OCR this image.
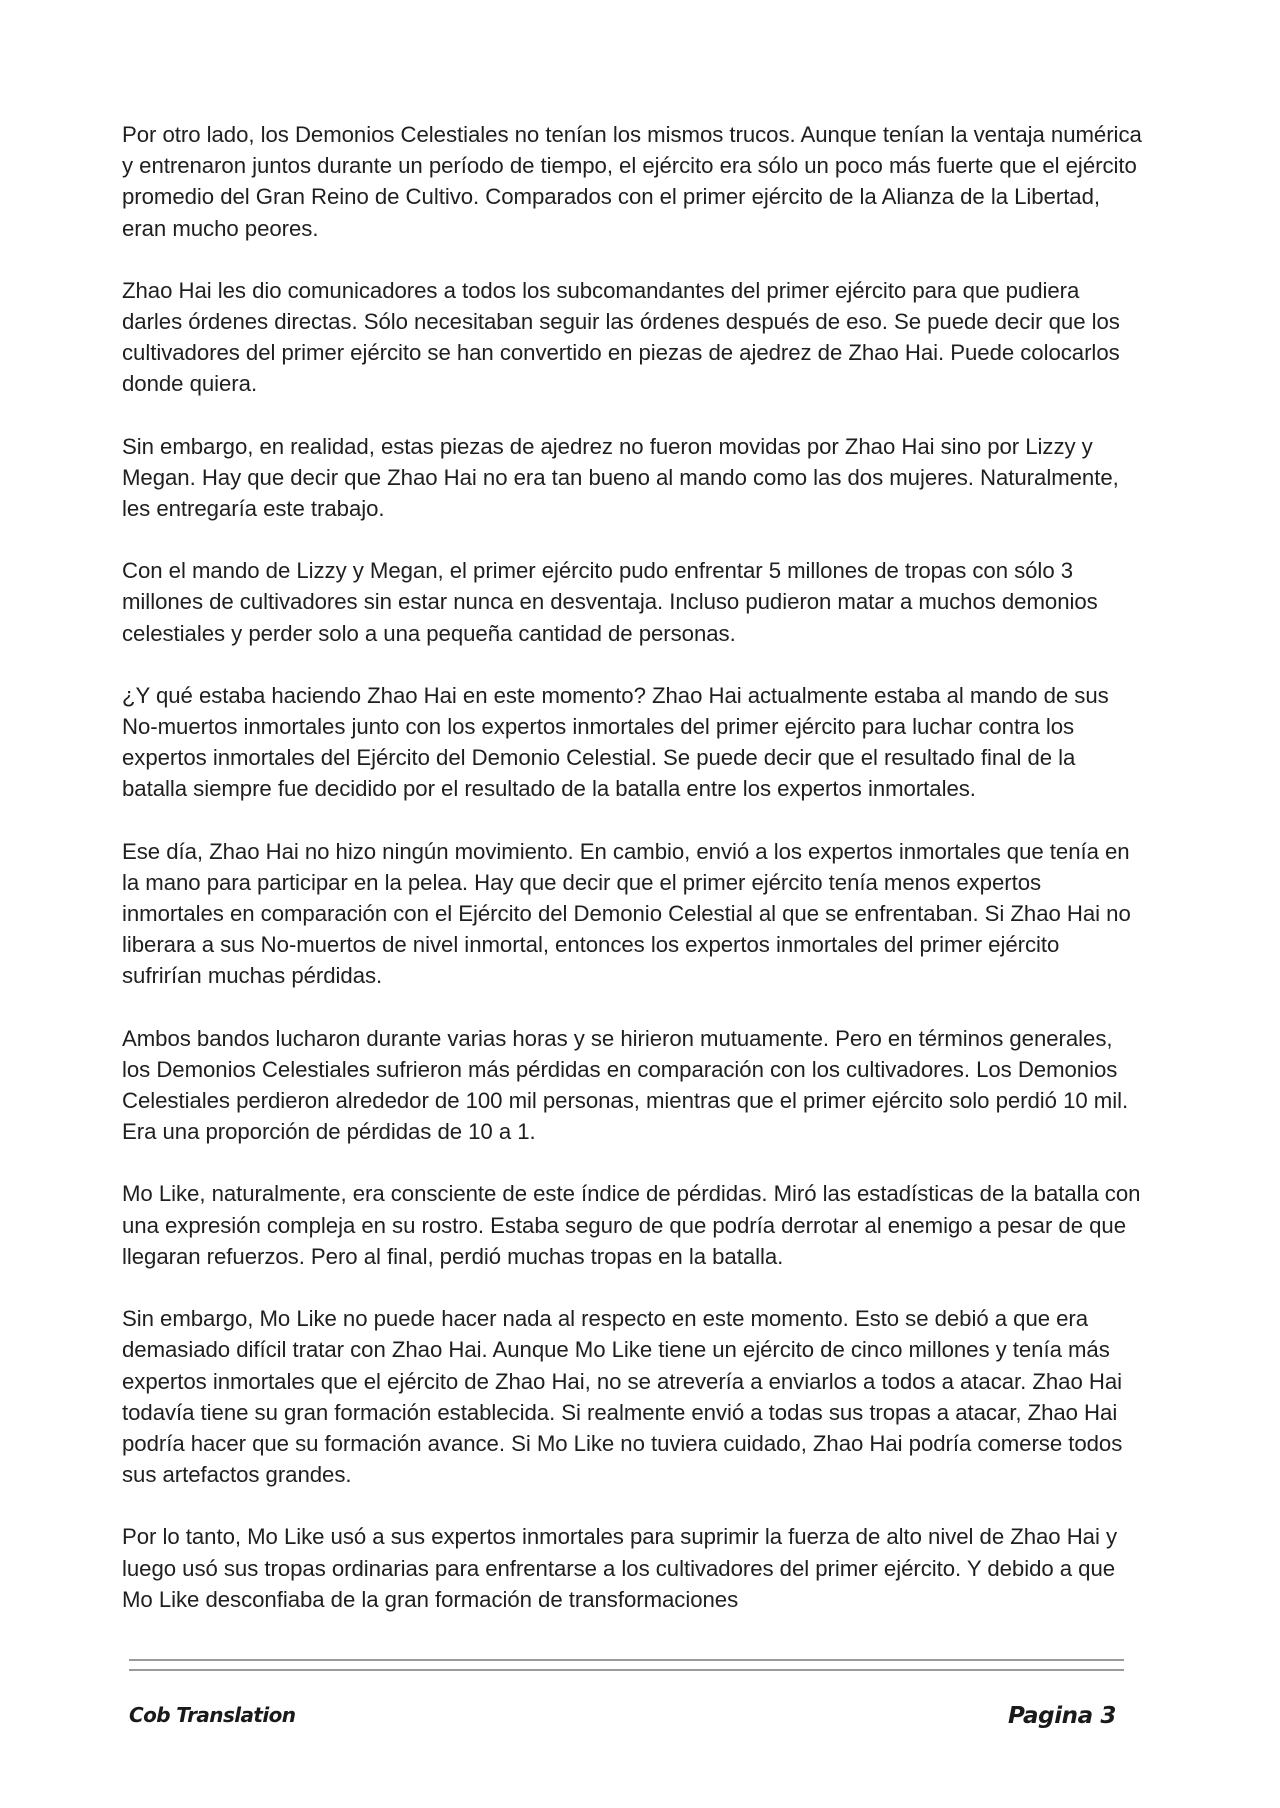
Por otro lado, los Demonios Celestiales no tenían los mismos trucos. Aunque tenían la ventaja numérica y entrenaron juntos durante un período de tiempo, el ejército era sólo un poco más fuerte que el ejército promedio del Gran Reino de Cultivo. Comparados con el primer ejército de la Alianza de la Libertad, eran mucho peores.

Zhao Hai les dio comunicadores a todos los subcomandantes del primer ejército para que pudiera darles órdenes directas. Sólo necesitaban seguir las órdenes después de eso. Se puede decir que los cultivadores del primer ejército se han convertido en piezas de ajedrez de Zhao Hai. Puede colocarlos donde quiera.

Sin embargo, en realidad, estas piezas de ajedrez no fueron movidas por Zhao Hai sino por Lizzy y Megan. Hay que decir que Zhao Hai no era tan bueno al mando como las dos mujeres. Naturalmente, les entregaría este trabajo.

Con el mando de Lizzy y Megan, el primer ejército pudo enfrentar 5 millones de tropas con sólo 3 millones de cultivadores sin estar nunca en desventaja. Incluso pudieron matar a muchos demonios celestiales y perder solo a una pequeña cantidad de personas.

¿Y qué estaba haciendo Zhao Hai en este momento? Zhao Hai actualmente estaba al mando de sus No-muertos inmortales junto con los expertos inmortales del primer ejército para luchar contra los expertos inmortales del Ejército del Demonio Celestial. Se puede decir que el resultado final de la batalla siempre fue decidido por el resultado de la batalla entre los expertos inmortales.

Ese día, Zhao Hai no hizo ningún movimiento. En cambio, envió a los expertos inmortales que tenía en la mano para participar en la pelea. Hay que decir que el primer ejército tenía menos expertos inmortales en comparación con el Ejército del Demonio Celestial al que se enfrentaban. Si Zhao Hai no liberara a sus No-muertos de nivel inmortal, entonces los expertos inmortales del primer ejército sufrirían muchas pérdidas.

Ambos bandos lucharon durante varias horas y se hirieron mutuamente. Pero en términos generales, los Demonios Celestiales sufrieron más pérdidas en comparación con los cultivadores. Los Demonios Celestiales perdieron alrededor de 100 mil personas, mientras que el primer ejército solo perdió 10 mil. Era una proporción de pérdidas de 10 a 1.

Mo Like, naturalmente, era consciente de este índice de pérdidas. Miró las estadísticas de la batalla con una expresión compleja en su rostro. Estaba seguro de que podría derrotar al enemigo a pesar de que llegaran refuerzos. Pero al final, perdió muchas tropas en la batalla.

Sin embargo, Mo Like no puede hacer nada al respecto en este momento. Esto se debió a que era demasiado difícil tratar con Zhao Hai. Aunque Mo Like tiene un ejército de cinco millones y tenía más expertos inmortales que el ejército de Zhao Hai, no se atrevería a enviarlos a todos a atacar. Zhao Hai todavía tiene su gran formación establecida. Si realmente envió a todas sus tropas a atacar, Zhao Hai podría hacer que su formación avance. Si Mo Like no tuviera cuidado, Zhao Hai podría comerse todos sus artefactos grandes.

Por lo tanto, Mo Like usó a sus expertos inmortales para suprimir la fuerza de alto nivel de Zhao Hai y luego usó sus tropas ordinarias para enfrentarse a los cultivadores del primer ejército. Y debido a que Mo Like desconfiaba de la gran formación de transformaciones

Cob Translation	Pagina 3
